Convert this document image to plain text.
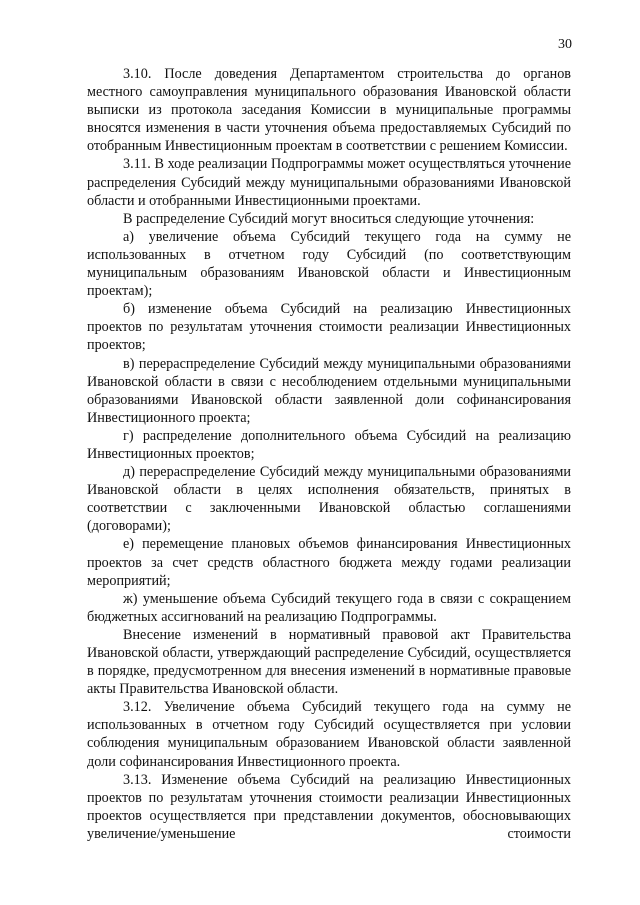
30

3.10. После доведения Департаментом строительства до органов местного самоуправления муниципального образования Ивановской области выписки из протокола заседания Комиссии в муниципальные программы вносятся изменения в части уточнения объема предоставляемых Субсидий по отобранным Инвестиционным проектам в соответствии с решением Комиссии.

3.11. В ходе реализации Подпрограммы может осуществляться уточнение распределения Субсидий между муниципальными образованиями Ивановской области и отобранными Инвестиционными проектами.

В распределение Субсидий могут вноситься следующие уточнения:

а) увеличение объема Субсидий текущего года на сумму не использованных в отчетном году Субсидий (по соответствующим муниципальным образованиям Ивановской области и Инвестиционным проектам);

б) изменение объема Субсидий на реализацию Инвестиционных проектов по результатам уточнения стоимости реализации Инвестиционных проектов;

в) перераспределение Субсидий между муниципальными образованиями Ивановской области в связи с несоблюдением отдельными муниципальными образованиями Ивановской области заявленной доли софинансирования Инвестиционного проекта;

г) распределение дополнительного объема Субсидий на реализацию Инвестиционных проектов;

д) перераспределение Субсидий между муниципальными образованиями Ивановской области в целях исполнения обязательств, принятых в соответствии с заключенными Ивановской областью соглашениями (договорами);

е) перемещение плановых объемов финансирования Инвестиционных проектов за счет средств областного бюджета между годами реализации мероприятий;

ж) уменьшение объема Субсидий текущего года в связи с сокращением бюджетных ассигнований на реализацию Подпрограммы.

Внесение изменений в нормативный правовой акт Правительства Ивановской области, утверждающий распределение Субсидий, осуществляется в порядке, предусмотренном для внесения изменений в нормативные правовые акты Правительства Ивановской области.

3.12. Увеличение объема Субсидий текущего года на сумму не использованных в отчетном году Субсидий осуществляется при условии соблюдения муниципальным образованием Ивановской области заявленной доли софинансирования Инвестиционного проекта.

3.13. Изменение объема Субсидий на реализацию Инвестиционных проектов по результатам уточнения стоимости реализации Инвестиционных проектов осуществляется при представлении документов, обосновывающих увеличение/уменьшение стоимости
